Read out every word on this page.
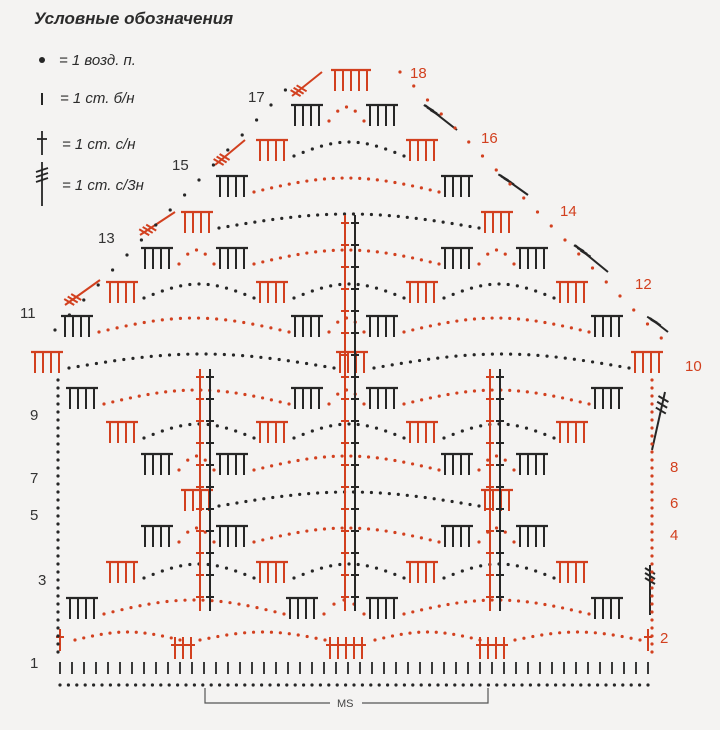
Условные обозначения
= 1 возд. п.
= 1 ст. б/н
= 1 ст. с/н
= 1 ст. с/3н
1
3
5
7
9
11
13
15
17
2
4
6
8
10
12
14
16
18
MS
